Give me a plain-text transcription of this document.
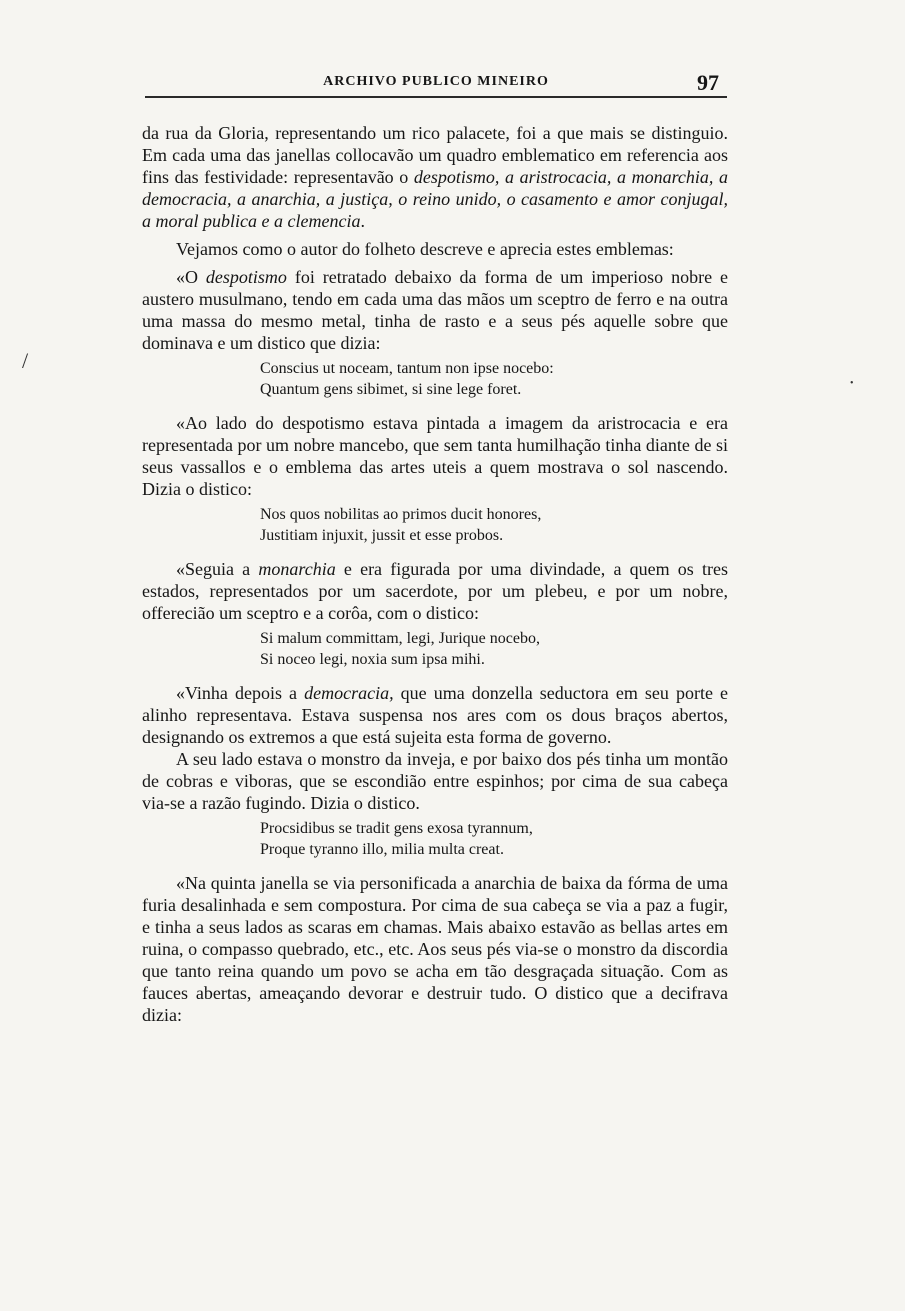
ARCHIVO PUBLICO MINEIRO	97

da rua da Gloria, representando um rico palacete, foi a que mais se distinguio. Em cada uma das janellas collocavão um quadro emblematico em referencia aos fins das festividade: representavão o despotismo, a aristrocacia, a monarchia, a democracia, a anarchia, a justiça, o reino unido, o casamento e amor conjugal, a moral publica e a clemencia.

Vejamos como o autor do folheto descreve e aprecia estes emblemas:

«O despotismo foi retratado debaixo da forma de um imperioso nobre e austero musulmano, tendo em cada uma das mãos um sceptro de ferro e na outra uma massa do mesmo metal, tinha de rasto e a seus pés aquelle sobre que dominava e um distico que dizia:

Conscius ut noceam, tantum non ipse nocebo:
Quantum gens sibimet, si sine lege foret.

«Ao lado do despotismo estava pintada a imagem da aristrocacia e era representada por um nobre mancebo, que sem tanta humilhação tinha diante de si seus vassallos e o emblema das artes uteis a quem mostrava o sol nascendo. Dizia o distico:

Nos quos nobilitas ao primos ducit honores,
Justitiam injuxit, jussit et esse probos.

«Seguia a monarchia e era figurada por uma divindade, a quem os tres estados, representados por um sacerdote, por um plebeu, e por um nobre, offerecião um sceptro e a corôa, com o distico:

Si malum committam, legi, Jurique nocebo,
Si noceo legi, noxia sum ipsa mihi.

«Vinha depois a democracia, que uma donzella seductora em seu porte e alinho representava. Estava suspensa nos ares com os dous braços abertos, designando os extremos a que está sujeita esta forma de governo.

A seu lado estava o monstro da inveja, e por baixo dos pés tinha um montão de cobras e viboras, que se escondião entre espinhos; por cima de sua cabeça via-se a razão fugindo. Dizia o distico.

Procsidibus se tradit gens exosa tyrannum,
Proque tyranno illo, milia multa creat.

«Na quinta janella se via personificada a anarchia de baixa da fórma de uma furia desalinhada e sem compostura. Por cima de sua cabeça se via a paz a fugir, e tinha a seus lados as scaras em chamas. Mais abaixo estavão as bellas artes em ruina, o compasso quebrado, etc., etc. Aos seus pés via-se o monstro da discordia que tanto reina quando um povo se acha em tão desgraçada situação. Com as fauces abertas, ameaçando devorar e destruir tudo. O distico que a decifrava dizia:

/
•
